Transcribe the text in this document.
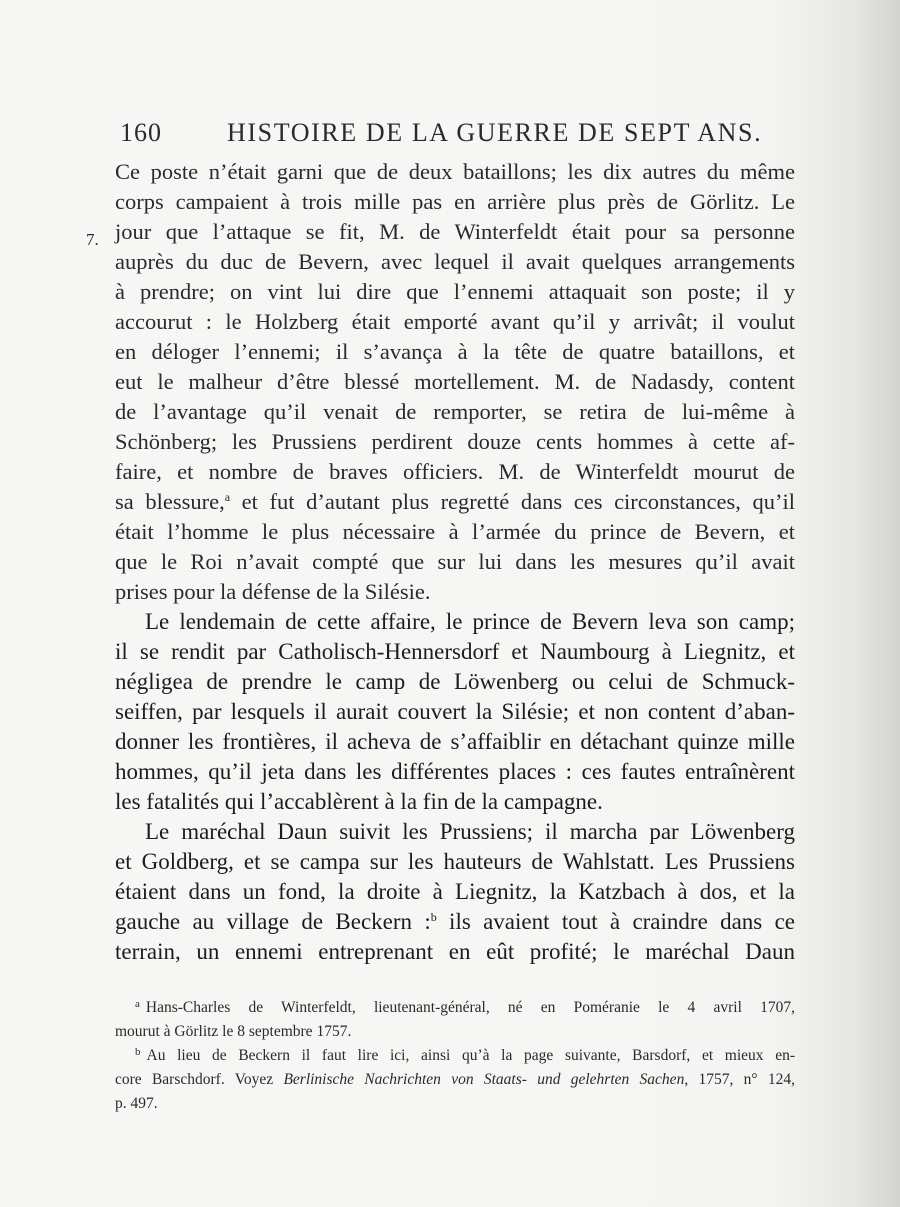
160	HISTOIRE DE LA GUERRE DE SEPT ANS.
7.
Ce poste n’était garni que de deux bataillons; les dix autres du même
corps campaient à trois mille pas en arrière plus près de Görlitz. Le
jour que l’attaque se fit, M. de Winterfeldt était pour sa personne
auprès du duc de Bevern, avec lequel il avait quelques arrangements
à prendre; on vint lui dire que l’ennemi attaquait son poste; il y
accourut : le Holzberg était emporté avant qu’il y arrivât; il voulut
en déloger l’ennemi; il s’avança à la tête de quatre bataillons, et
eut le malheur d’être blessé mortellement. M. de Nadasdy, content
de l’avantage qu’il venait de remporter, se retira de lui-même à
Schönberg; les Prussiens perdirent douze cents hommes à cette af-
faire, et nombre de braves officiers. M. de Winterfeldt mourut de
sa blessure,$^a$ et fut d’autant plus regretté dans ces circonstances, qu’il
était l’homme le plus nécessaire à l’armée du prince de Bevern, et
que le Roi n’avait compté que sur lui dans les mesures qu’il avait
prises pour la défense de la Silésie.
Le lendemain de cette affaire, le prince de Bevern leva son camp;
il se rendit par Catholisch-Hennersdorf et Naumbourg à Liegnitz, et
négligea de prendre le camp de Löwenberg ou celui de Schmuck-
seiffen, par lesquels il aurait couvert la Silésie; et non content d’aban-
donner les frontières, il acheva de s’affaiblir en détachant quinze mille
hommes, qu’il jeta dans les différentes places : ces fautes entraînèrent
les fatalités qui l’accablèrent à la fin de la campagne.
Le maréchal Daun suivit les Prussiens; il marcha par Löwenberg
et Goldberg, et se campa sur les hauteurs de Wahlstatt. Les Prussiens
étaient dans un fond, la droite à Liegnitz, la Katzbach à dos, et la
gauche au village de Beckern :$^b$ ils avaient tout à craindre dans ce
terrain, un ennemi entreprenant en eût profité; le maréchal Daun
$^a$ Hans-Charles de Winterfeldt, lieutenant-général, né en Poméranie le 4 avril 1707,
mourut à Görlitz le 8 septembre 1757.
$^b$ Au lieu de Beckern il faut lire ici, ainsi qu’à la page suivante, Barsdorf, et mieux en-
core Barschdorf. Voyez Berlinische Nachrichten von Staats- und gelehrten Sachen, 1757, n° 124,
p. 497.
